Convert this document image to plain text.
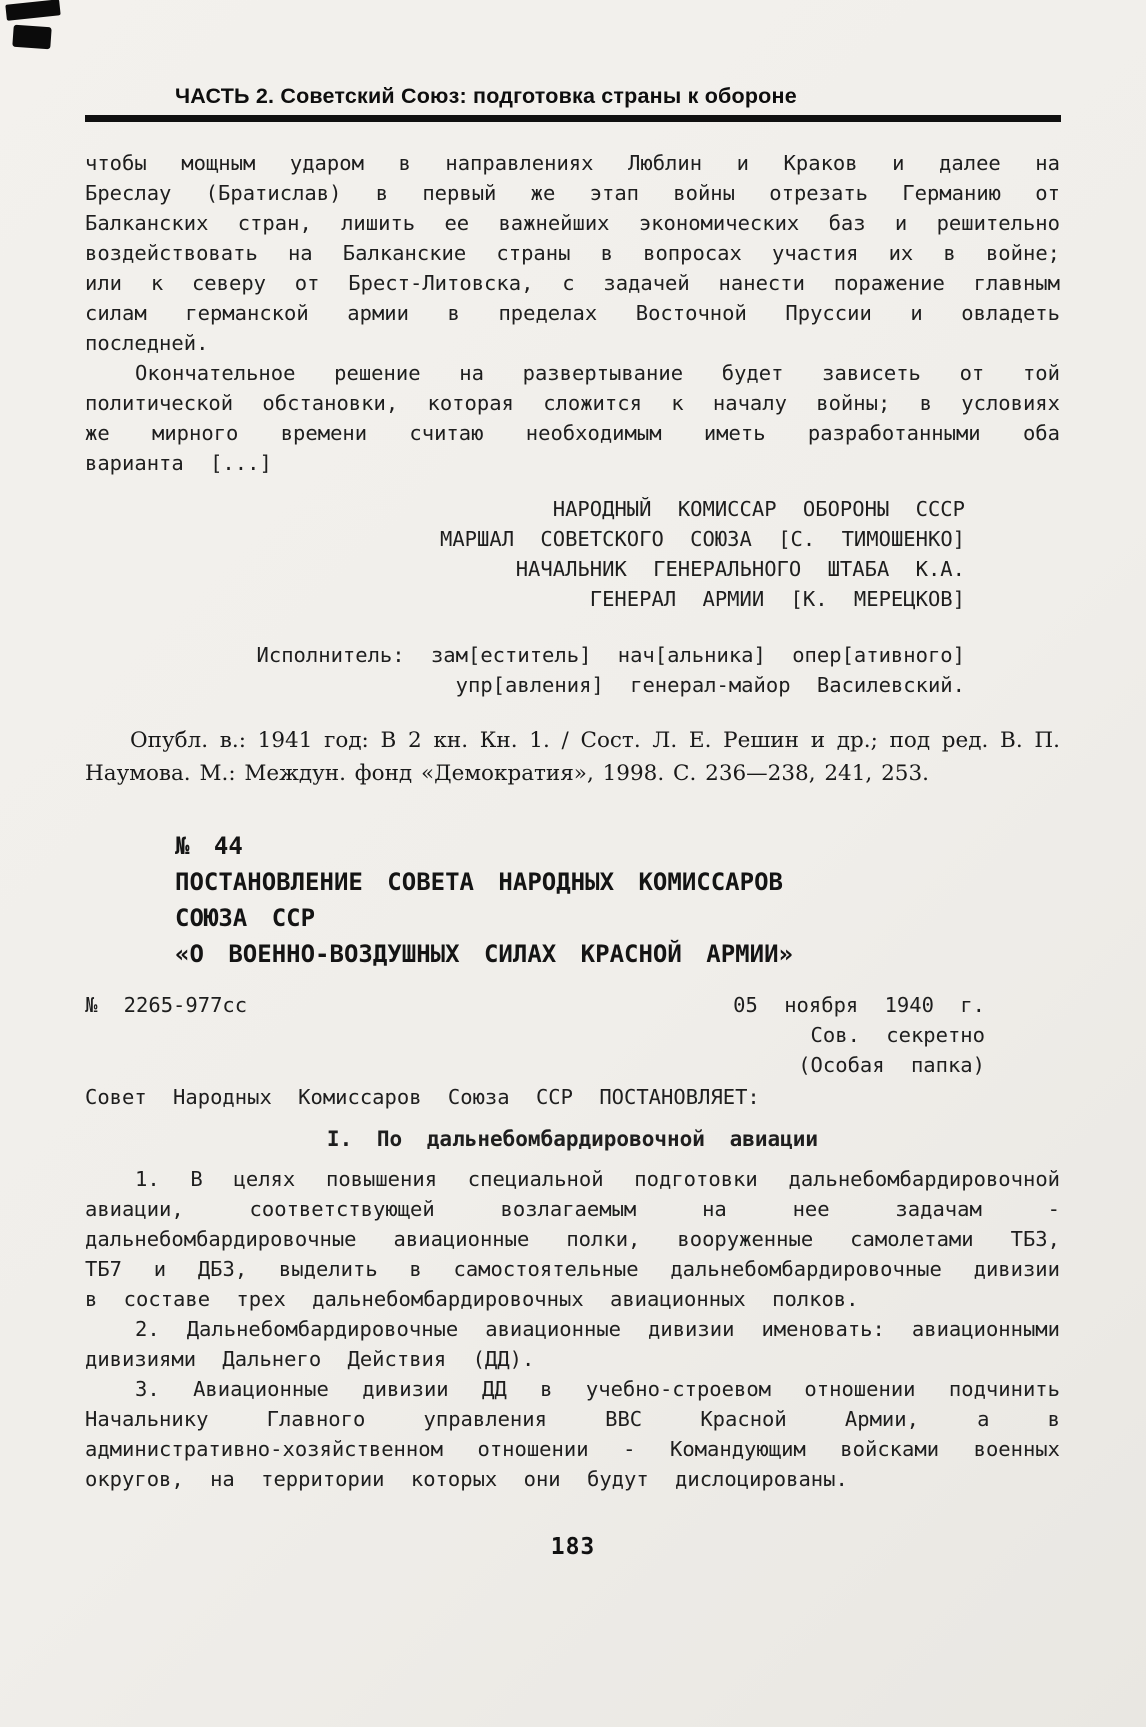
ЧАСТЬ 2. Советский Союз: подготовка страны к обороне

чтобы мощным ударом в направлениях Люблин и Краков и далее на Бреслау (Братислав) в первый же этап войны отрезать Германию от Балканских стран, лишить ее важнейших экономических баз и решительно воздействовать на Балканские страны в вопросах участия их в войне; или к северу от Брест-Литовска, с задачей нанести поражение главным силам германской армии в пределах Восточной Пруссии и овладеть последней.

Окончательное решение на развертывание будет зависеть от той политической обстановки, которая сложится к началу войны; в условиях же мирного времени считаю необходимым иметь разработанными оба варианта [...]

НАРОДНЫЙ КОМИССАР ОБОРОНЫ СССР
МАРШАЛ СОВЕТСКОГО СОЮЗА [С. ТИМОШЕНКО]
НАЧАЛЬНИК ГЕНЕРАЛЬНОГО ШТАБА К.А.
ГЕНЕРАЛ АРМИИ [К. МЕРЕЦКОВ]
Исполнитель: зам[еститель] нач[альника] опер[ативного]
упр[авления] генерал-майор Василевский.

Опубл. в.: 1941 год: В 2 кн. Кн. 1. / Сост. Л. Е. Решин и др.; под ред. В. П. Наумова. М.: Междун. фонд «Демократия», 1998. С. 236—238, 241, 253.

№ 44
ПОСТАНОВЛЕНИЕ СОВЕТА НАРОДНЫХ КОМИССАРОВ
СОЮЗА ССР
«О ВОЕННО-ВОЗДУШНЫХ СИЛАХ КРАСНОЙ АРМИИ»
№ 2265-977сс	05 ноября 1940 г.
Сов. секретно
(Особая папка)

Совет Народных Комиссаров Союза ССР ПОСТАНОВЛЯЕТ:

I. По дальнебомбардировочной авиации

1. В целях повышения специальной подготовки дальнебомбардировочной авиации, соответствующей возлагаемым на нее задачам - дальнебомбардировочные авиационные полки, вооруженные самолетами ТБ3, ТБ7 и ДБ3, выделить в самостоятельные дальнебомбардировочные дивизии в составе трех дальнебомбардировочных авиационных полков.

2. Дальнебомбардировочные авиационные дивизии именовать: авиационными дивизиями Дальнего Действия (ДД).

3. Авиационные дивизии ДД в учебно-строевом отношении подчинить Начальнику Главного управления ВВС Красной Армии, а в административно-хозяйственном отношении - Командующим войсками военных округов, на территории которых они будут дислоцированы.

183
